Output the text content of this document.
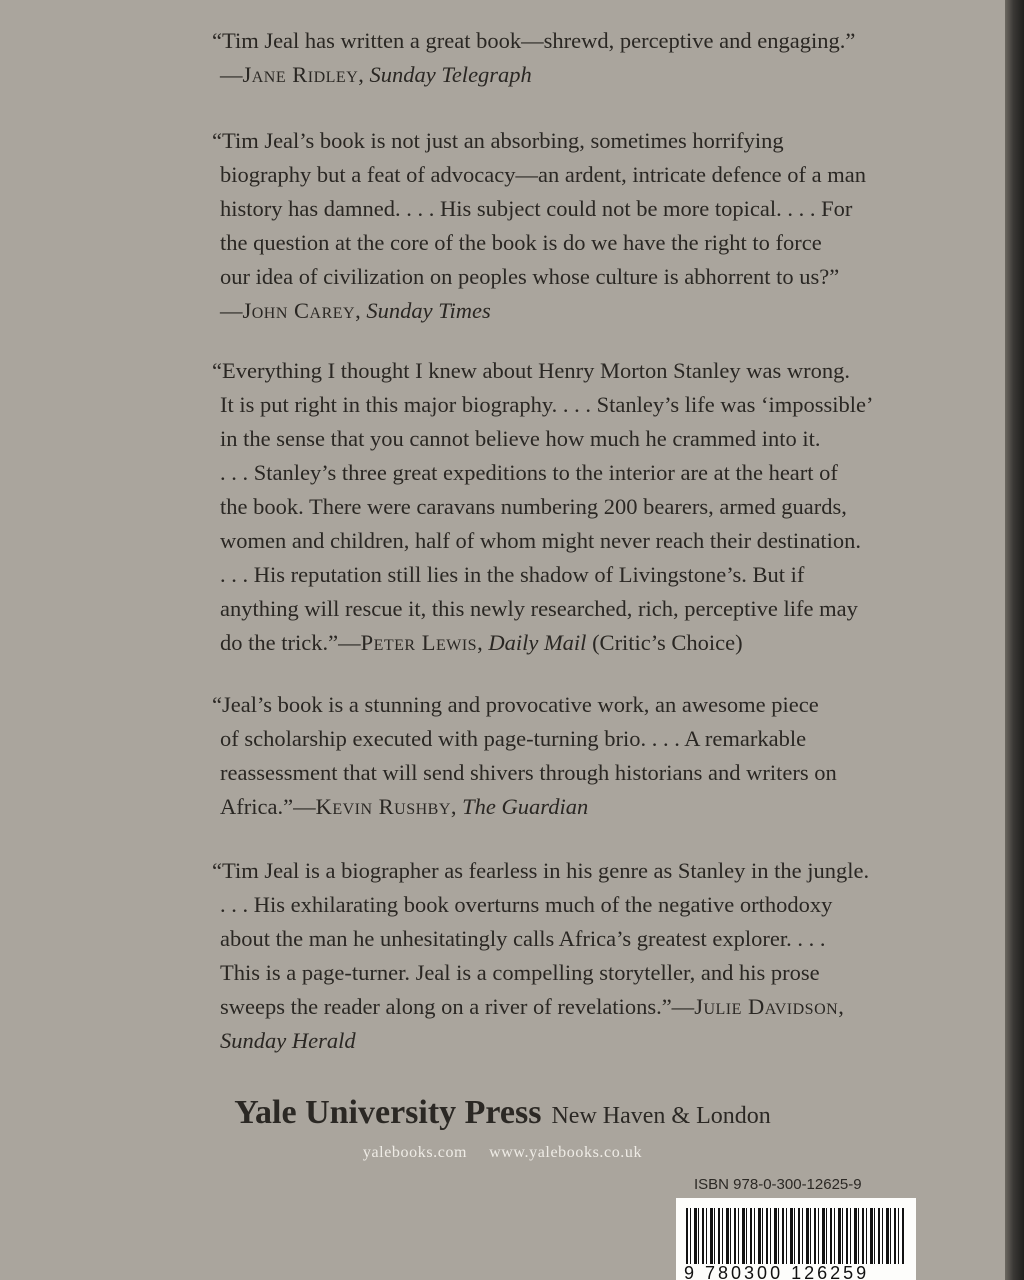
“Tim Jeal has written a great book—shrewd, perceptive and engaging.”
—Jane Ridley, Sunday Telegraph
“Tim Jeal’s book is not just an absorbing, sometimes horrifying
biography but a feat of advocacy—an ardent, intricate defence of a man
history has damned. . . . His subject could not be more topical. . . . For
the question at the core of the book is do we have the right to force
our idea of civilization on peoples whose culture is abhorrent to us?”
—John Carey, Sunday Times
“Everything I thought I knew about Henry Morton Stanley was wrong.
It is put right in this major biography. . . . Stanley’s life was ‘impossible’
in the sense that you cannot believe how much he crammed into it.
. . . Stanley’s three great expeditions to the interior are at the heart of
the book. There were caravans numbering 200 bearers, armed guards,
women and children, half of whom might never reach their destination.
. . . His reputation still lies in the shadow of Livingstone’s. But if
anything will rescue it, this newly researched, rich, perceptive life may
do the trick.”—Peter Lewis, Daily Mail (Critic’s Choice)
“Jeal’s book is a stunning and provocative work, an awesome piece
of scholarship executed with page-turning brio. . . . A remarkable
reassessment that will send shivers through historians and writers on
Africa.”—Kevin Rushby, The Guardian
“Tim Jeal is a biographer as fearless in his genre as Stanley in the jungle.
. . . His exhilarating book overturns much of the negative orthodoxy
about the man he unhesitatingly calls Africa’s greatest explorer. . . .
This is a page-turner. Jeal is a compelling storyteller, and his prose
sweeps the reader along on a river of revelations.”—Julie Davidson,
Sunday Herald
Yale University Press New Haven & London
yalebooks.com www.yalebooks.co.uk
ISBN 978-0-300-12625-9
9 780300 126259
